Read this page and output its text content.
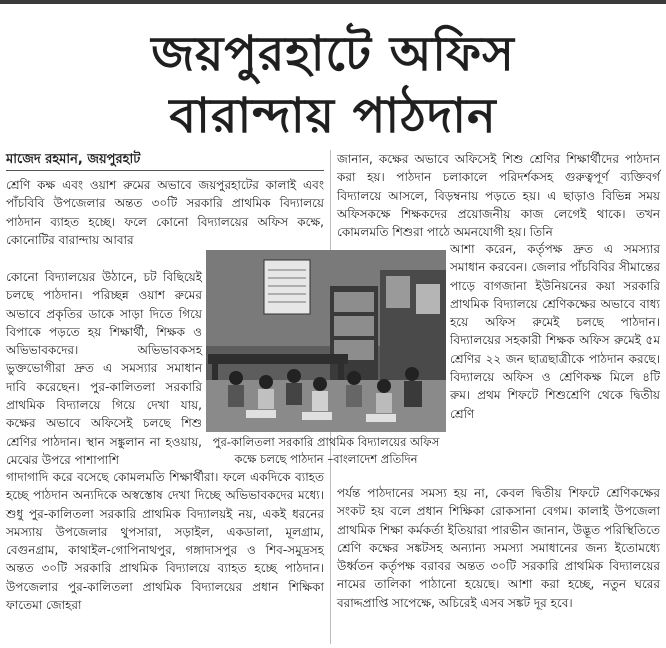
জয়পুরহাটে অফিস
বারান্দায় পাঠদান
মাজেদ রহমান, জয়পুরহাট

শ্রেণি কক্ষ এবং ওয়াশ রুমের অভাবে জয়পুরহাটের কালাই এবং পাঁচবিবি উপজেলার অন্তত ৩০টি সরকারি প্রাথমিক বিদ্যালয়ে পাঠদান ব্যাহত হচ্ছে। ফলে কোনো বিদ্যালয়ের অফিস কক্ষে, কোনোটির বারান্দায় আবার

কোনো বিদ্যালয়ের উঠানে, চট বিছিয়েই চলছে পাঠদান। পরিচ্ছন্ন ওয়াশ রুমের অভাবে প্রকৃতির ডাকে সাড়া দিতে গিয়ে বিপাকে পড়তে হয় শিক্ষার্থী, শিক্ষক ও অভিভাবকদের। অভিভাবকসহ ভুক্তভোগীরা দ্রুত এ সমস্যার সমাধান দাবি করেছেন। পুর-কালিতলা সরকারি প্রাথমিক বিদ্যালয়ে গিয়ে দেখা যায়, কক্ষের অভাবে অফিসেই চলছে শিশু শ্রেণির পাঠদান। স্থান সঙ্কুলান না হওয়ায়, মেঝের উপরে পাশাপাশি

গাদাগাদি করে বসেছে কোমলমতি শিক্ষার্থীরা। ফলে একদিকে ব্যাহত হচ্ছে পাঠদান অন্যদিকে অস্বস্তোষ দেখা দিচ্ছে অভিভাবকদের মধ্যে। শুধু পুর-কালিতলা সরকারি প্রাথমিক বিদ্যালয়ই নয়, একই ধরনের সমস্যায় উপজেলার থুপসারা, সড়াইল, একডালা, মূলগ্রাম, বেগুনগ্রাম, কাথাইল-গোপিনাথপুর, গঙ্গাদাসপুর ও শিব-সমুদ্রসহ অন্তত ৩০টি সরকারি প্রাথমিক বিদ্যালয়ে ব্যাহত হচ্ছে পাঠদান। উপজেলার পুর-কালিতলা প্রাথমিক বিদ্যালয়ের প্রধান শিক্ষিকা ফাতেমা জোহরা

পুর-কালিতলা সরকারি প্রাথমিক বিদ্যালয়ের অফিস কক্ষে চলছে পাঠদান –বাংলাদেশ প্রতিদিন

জানান, কক্ষের অভাবে অফিসেই শিশু শ্রেণির শিক্ষার্থীদের পাঠদান করা হয়। পাঠদান চলাকালে পরিদর্শকসহ গুরুত্বপূর্ণ ব্যক্তিবর্গ বিদ্যালয়ে আসলে, বিড়ম্বনায় পড়তে হয়। এ ছাড়াও বিভিন্ন সময় অফিসকক্ষে শিক্ষকদের প্রয়োজনীয় কাজ লেগেই থাকে। তখন কোমলমতি শিশুরা পাঠে অমনযোগী হয়। তিনি

আশা করেন, কর্তৃপক্ষ দ্রুত এ সমস্যার সমাধান করবেন। জেলার পাঁচবিবির সীমান্তের পাড়ে বাগজানা ইউনিয়নের কয়া সরকারি প্রাথমিক বিদ্যালয়ে শ্রেণিকক্ষের অভাবে বাধ্য হয়ে অফিস রুমেই চলছে পাঠদান। বিদ্যালয়ের সহকারী শিক্ষক অফিস রুমেই ৫ম শ্রেণির ২২ জন ছাত্রছাত্রীকে পাঠদান করছে। বিদ্যালয়ে অফিস ও শ্রেণিকক্ষ মিলে ৪টি রুম। প্রথম শিফটে শিশুশ্রেণি থেকে দ্বিতীয় শ্রেণি

পর্যন্ত পাঠদানের সমস্য হয় না, কেবল দ্বিতীয় শিফটে শ্রেণিকক্ষের সংকট হয় বলে প্রধান শিক্ষিকা রোকসানা বেগম। কালাই উপজেলা প্রাথমিক শিক্ষা কর্মকর্তা ইতিয়ারা পারভীন জানান, উদ্ভূত পরিস্থিতিতে শ্রেণি কক্ষের সঙ্কটসহ অন্যান্য সমস্যা সমাধানের জন্য ইতোমধ্যে উর্ধ্বতন কর্তৃপক্ষ বরাবর অন্তত ৩০টি সরকারি প্রাথমিক বিদ্যালয়ের নামের তালিকা পাঠানো হয়েছে। আশা করা হচ্ছে, নতুন ঘরের বরাদ্দপ্রাপ্তি সাপেক্ষে, অচিরেই এসব সঙ্কট দূর হবে।
